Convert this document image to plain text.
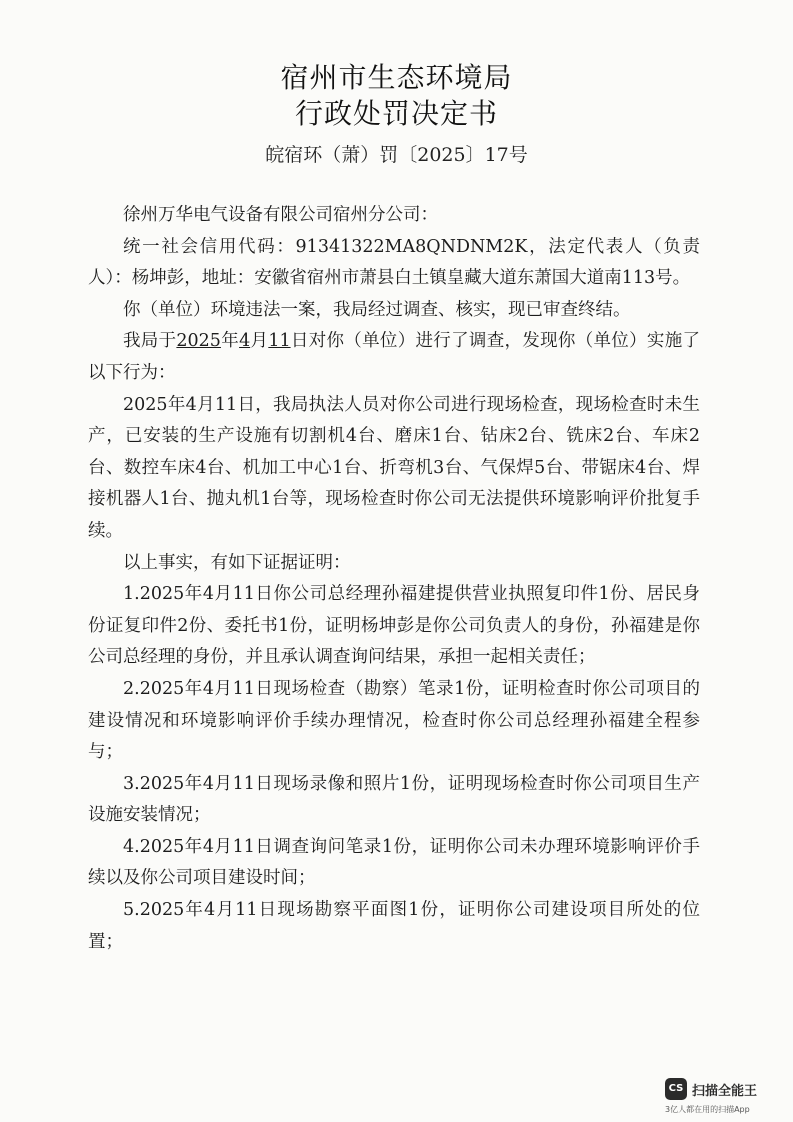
宿州市生态环境局
行政处罚决定书
皖宿环（萧）罚〔2025〕17号

徐州万华电气设备有限公司宿州分公司：

统一社会信用代码：91341322MA8QNDNM2K，法定代表人（负责人）：杨坤彭，地址：安徽省宿州市萧县白土镇皇藏大道东萧国大道南113号。

你（单位）环境违法一案，我局经过调查、核实，现已审查终结。

我局于2025年4月11日对你（单位）进行了调查，发现你（单位）实施了以下行为：

2025年4月11日，我局执法人员对你公司进行现场检查，现场检查时未生产，已安装的生产设施有切割机4台、磨床1台、钻床2台、铣床2台、车床2台、数控车床4台、机加工中心1台、折弯机3台、气保焊5台、带锯床4台、焊接机器人1台、抛丸机1台等，现场检查时你公司无法提供环境影响评价批复手续。

以上事实，有如下证据证明：

1.2025年4月11日你公司总经理孙福建提供营业执照复印件1份、居民身份证复印件2份、委托书1份，证明杨坤彭是你公司负责人的身份，孙福建是你公司总经理的身份，并且承认调查询问结果，承担一起相关责任；

2.2025年4月11日现场检查（勘察）笔录1份，证明检查时你公司项目的建设情况和环境影响评价手续办理情况，检查时你公司总经理孙福建全程参与；

3.2025年4月11日现场录像和照片1份，证明现场检查时你公司项目生产设施安装情况；

4.2025年4月11日调查询问笔录1份，证明你公司未办理环境影响评价手续以及你公司项目建设时间；

5.2025年4月11日现场勘察平面图1份，证明你公司建设项目所处的位置；

CS 扫描全能王
3亿人都在用的扫描App
